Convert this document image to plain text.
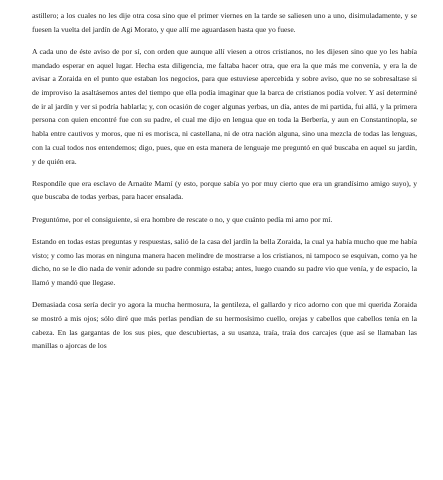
astillero; a los cuales no les dije otra cosa sino que el primer viernes en la tarde se saliesen uno a uno, disimuladamente, y se fuesen la vuelta del jardín de Agi Morato, y que allí me aguardasen hasta que yo fuese.

A cada uno de éste aviso de por sí, con orden que aunque allí viesen a otros cristianos, no les dijesen sino que yo les había mandado esperar en aquel lugar. Hecha esta diligencia, me faltaba hacer otra, que era la que más me convenía, y era la de avisar a Zoraida en el punto que estaban los negocios, para que estuviese apercebida y sobre aviso, que no se sobresaltase si de improviso la asaltásemos antes del tiempo que ella podía imaginar que la barca de cristianos podía volver. Y así determiné de ir al jardín y ver si podría hablarla; y, con ocasión de coger algunas yerbas, un día, antes de mi partida, fui allá, y la primera persona con quien encontré fue con su padre, el cual me dijo en lengua que en toda la Berbería, y aun en Constantinopla, se habla entre cautivos y moros, que ni es morisca, ni castellana, ni de otra nación alguna, sino una mezcla de todas las lenguas, con la cual todos nos entendemos; digo, pues, que en esta manera de lenguaje me preguntó en qué buscaba en aquel su jardín, y de quién era.

Respondíle que era esclavo de Arnaúte Mamí (y esto, porque sabía yo por muy cierto que era un grandísimo amigo suyo), y que buscaba de todas yerbas, para hacer ensalada.

Preguntóme, por el consiguiente, si era hombre de rescate o no, y que cuánto pedía mi amo por mí.

Estando en todas estas preguntas y respuestas, salió de la casa del jardín la bella Zoraida, la cual ya había mucho que me había visto; y como las moras en ninguna manera hacen melindre de mostrarse a los cristianos, ni tampoco se esquivan, como ya he dicho, no se le dio nada de venir adonde su padre conmigo estaba; antes, luego cuando su padre vio que venía, y de espacio, la llamó y mandó que llegase.

Demasiada cosa sería decir yo agora la mucha hermosura, la gentileza, el gallardo y rico adorno con que mi querida Zoraida se mostró a mis ojos; sólo diré que más perlas pendían de su hermosísimo cuello, orejas y cabellos que cabellos tenía en la cabeza. En las gargantas de los sus pies, que descubiertas, a su usanza, traía, traía dos carcajes (que así se llamaban las manillas o ajorcas de los
